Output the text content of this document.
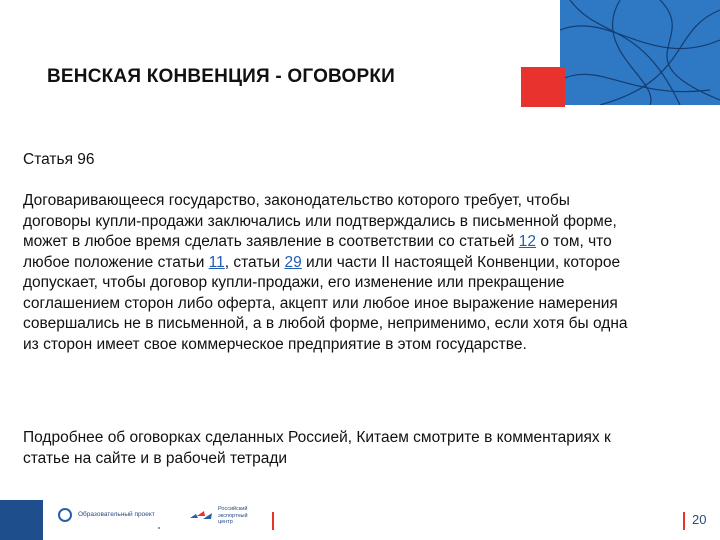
ВЕНСКАЯ КОНВЕНЦИЯ - ОГОВОРКИ
Статья 96
Договаривающееся государство, законодательство которого требует, чтобы договоры купли-продажи заключались или подтверждались в письменной форме, может в любое время сделать заявление в соответствии со статьей 12 о том, что любое положение статьи 11, статьи 29 или части II настоящей Конвенции, которое допускает, чтобы договор купли-продажи, его изменение или прекращение соглашением сторон либо оферта, акцепт или любое иное выражение намерения совершались не в письменной, а в любой форме, неприменимо, если хотя бы одна из сторон имеет свое коммерческое предприятие в этом государстве.
Подробнее об оговорках сделанных Россией, Китаем смотрите в комментариях к статье на сайте и в рабочей тетради
Образовательный проект
Российский экспортный центр	20
